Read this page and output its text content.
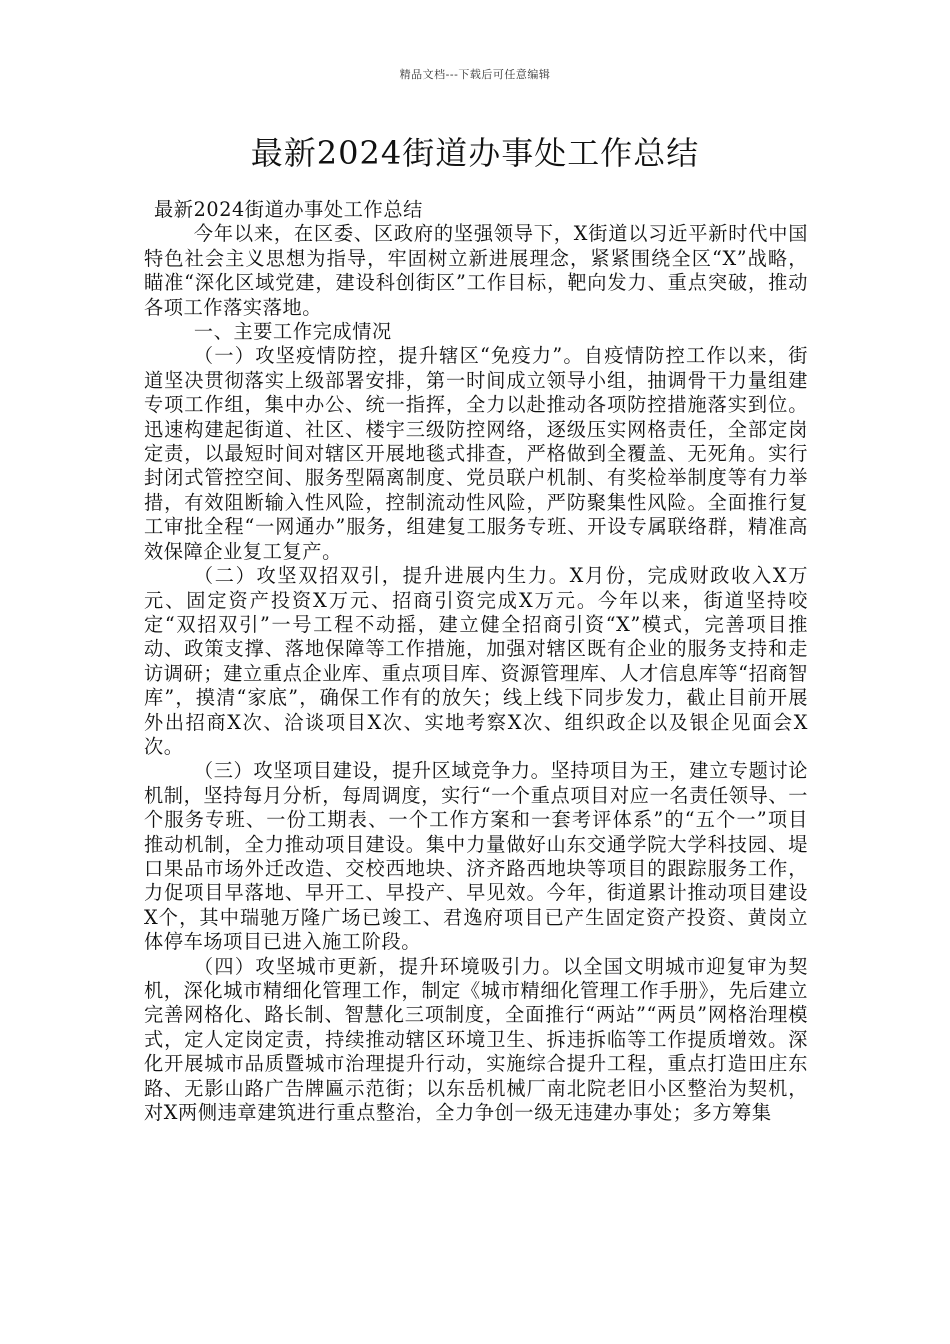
精品文档---下载后可任意编辑
最新2024街道办事处工作总结

最新2024街道办事处工作总结

今年以来，在区委、区政府的坚强领导下，X街道以习近平新时代中国特色社会主义思想为指导，牢固树立新进展理念，紧紧围绕全区“X”战略，瞄准“深化区域党建，建设科创街区”工作目标，靶向发力、重点突破，推动各项工作落实落地。

一、主要工作完成情况

（一）攻坚疫情防控，提升辖区“免疫力”。自疫情防控工作以来，街道坚决贯彻落实上级部署安排，第一时间成立领导小组，抽调骨干力量组建专项工作组，集中办公、统一指挥，全力以赴推动各项防控措施落实到位。迅速构建起街道、社区、楼宇三级防控网络，逐级压实网格责任，全部定岗定责，以最短时间对辖区开展地毯式排查，严格做到全覆盖、无死角。实行封闭式管控空间、服务型隔离制度、党员联户机制、有奖检举制度等有力举措，有效阻断输入性风险，控制流动性风险，严防聚集性风险。全面推行复工审批全程“一网通办”服务，组建复工服务专班、开设专属联络群，精准高效保障企业复工复产。

（二）攻坚双招双引，提升进展内生力。X月份，完成财政收入X万元、固定资产投资X万元、招商引资完成X万元。今年以来，街道坚持咬定“双招双引”一号工程不动摇，建立健全招商引资“X”模式，完善项目推动、政策支撑、落地保障等工作措施，加强对辖区既有企业的服务支持和走访调研；建立重点企业库、重点项目库、资源管理库、人才信息库等“招商智库”，摸清“家底”，确保工作有的放矢；线上线下同步发力，截止目前开展外出招商X次、洽谈项目X次、实地考察X次、组织政企以及银企见面会X次。

（三）攻坚项目建设，提升区域竞争力。坚持项目为王，建立专题讨论机制，坚持每月分析，每周调度，实行“一个重点项目对应一名责任领导、一个服务专班、一份工期表、一个工作方案和一套考评体系”的“五个一”项目推动机制，全力推动项目建设。集中力量做好山东交通学院大学科技园、堤口果品市场外迁改造、交校西地块、济齐路西地块等项目的跟踪服务工作，力促项目早落地、早开工、早投产、早见效。今年，街道累计推动项目建设X个，其中瑞驰万隆广场已竣工、君逸府项目已产生固定资产投资、黄岗立体停车场项目已进入施工阶段。

（四）攻坚城市更新，提升环境吸引力。以全国文明城市迎复审为契机，深化城市精细化管理工作，制定《城市精细化管理工作手册》，先后建立完善网格化、路长制、智慧化三项制度，全面推行“两站”“两员”网格治理模式，定人定岗定责，持续推动辖区环境卫生、拆违拆临等工作提质增效。深化开展城市品质暨城市治理提升行动，实施综合提升工程，重点打造田庄东路、无影山路广告牌匾示范街；以东岳机械厂南北院老旧小区整治为契机，对X两侧违章建筑进行重点整治，全力争创一级无违建办事处；多方筹集
